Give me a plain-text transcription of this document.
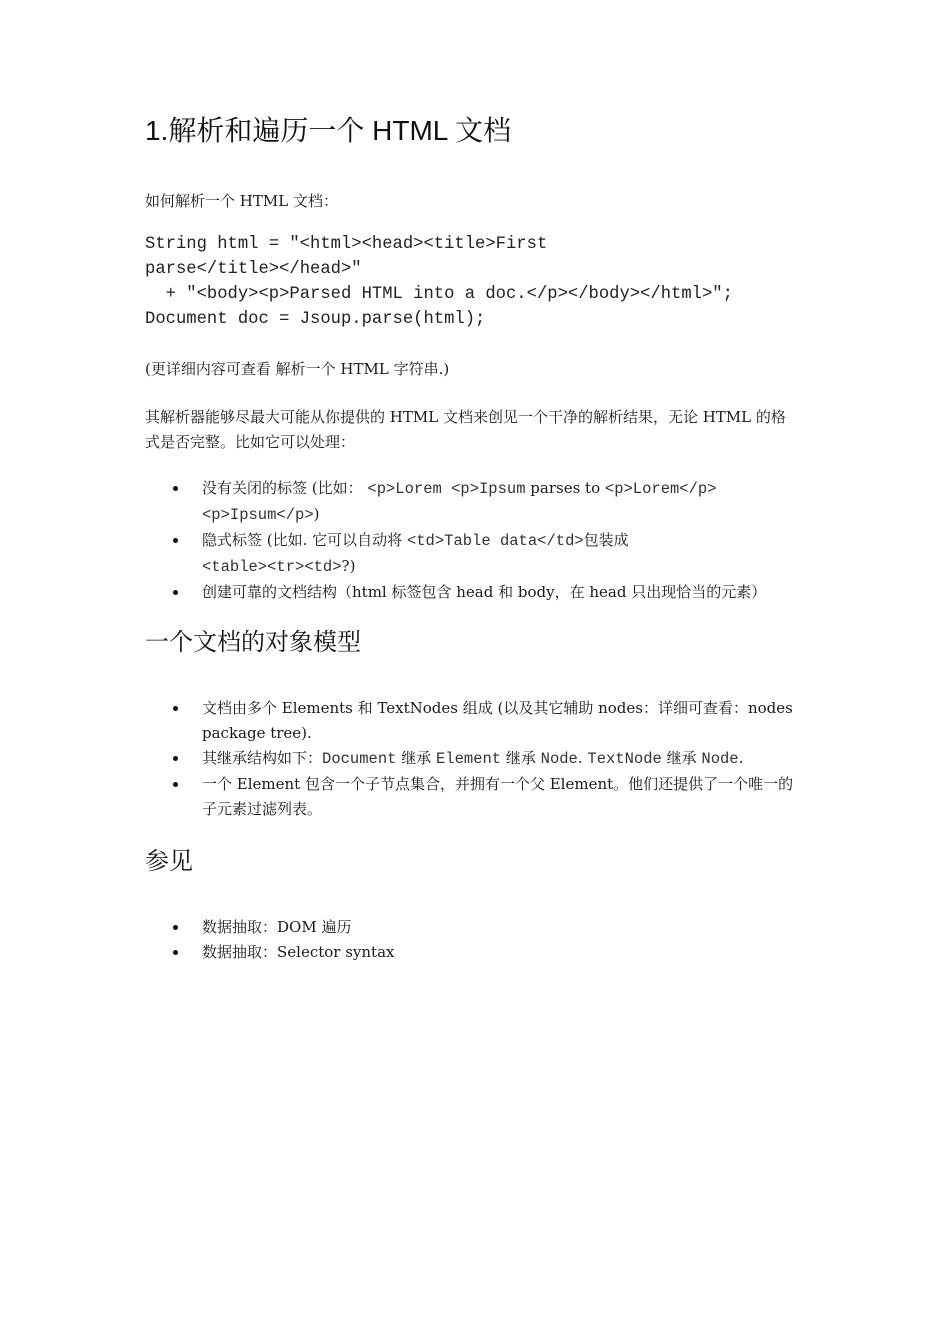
1.解析和遍历一个 HTML 文档
如何解析一个 HTML 文档：
String html = "<html><head><title>First
parse</title></head>"
+ "<body><p>Parsed HTML into a doc.</p></body></html>";
Document doc = Jsoup.parse(html);
(更详细内容可查看 解析一个 HTML 字符串.)
其解析器能够尽最大可能从你提供的 HTML 文档来创见一个干净的解析结果，无论 HTML 的格
式是否完整。比如它可以处理：
没有关闭的标签 (比如： <p>Lorem <p>Ipsum parses to <p>Lorem</p>
<p>Ipsum</p>)
隐式标签 (比如. 它可以自动将 <td>Table data</td>包装成
<table><tr><td>?)
创建可靠的文档结构（html 标签包含 head 和 body，在 head 只出现恰当的元素）
一个文档的对象模型
文档由多个 Elements 和 TextNodes 组成 (以及其它辅助 nodes：详细可查看：nodes
package tree).
其继承结构如下：Document 继承 Element 继承 Node. TextNode 继承 Node.
一个 Element 包含一个子节点集合，并拥有一个父 Element。他们还提供了一个唯一的
子元素过滤列表。
参见
数据抽取：DOM 遍历
数据抽取：Selector syntax
